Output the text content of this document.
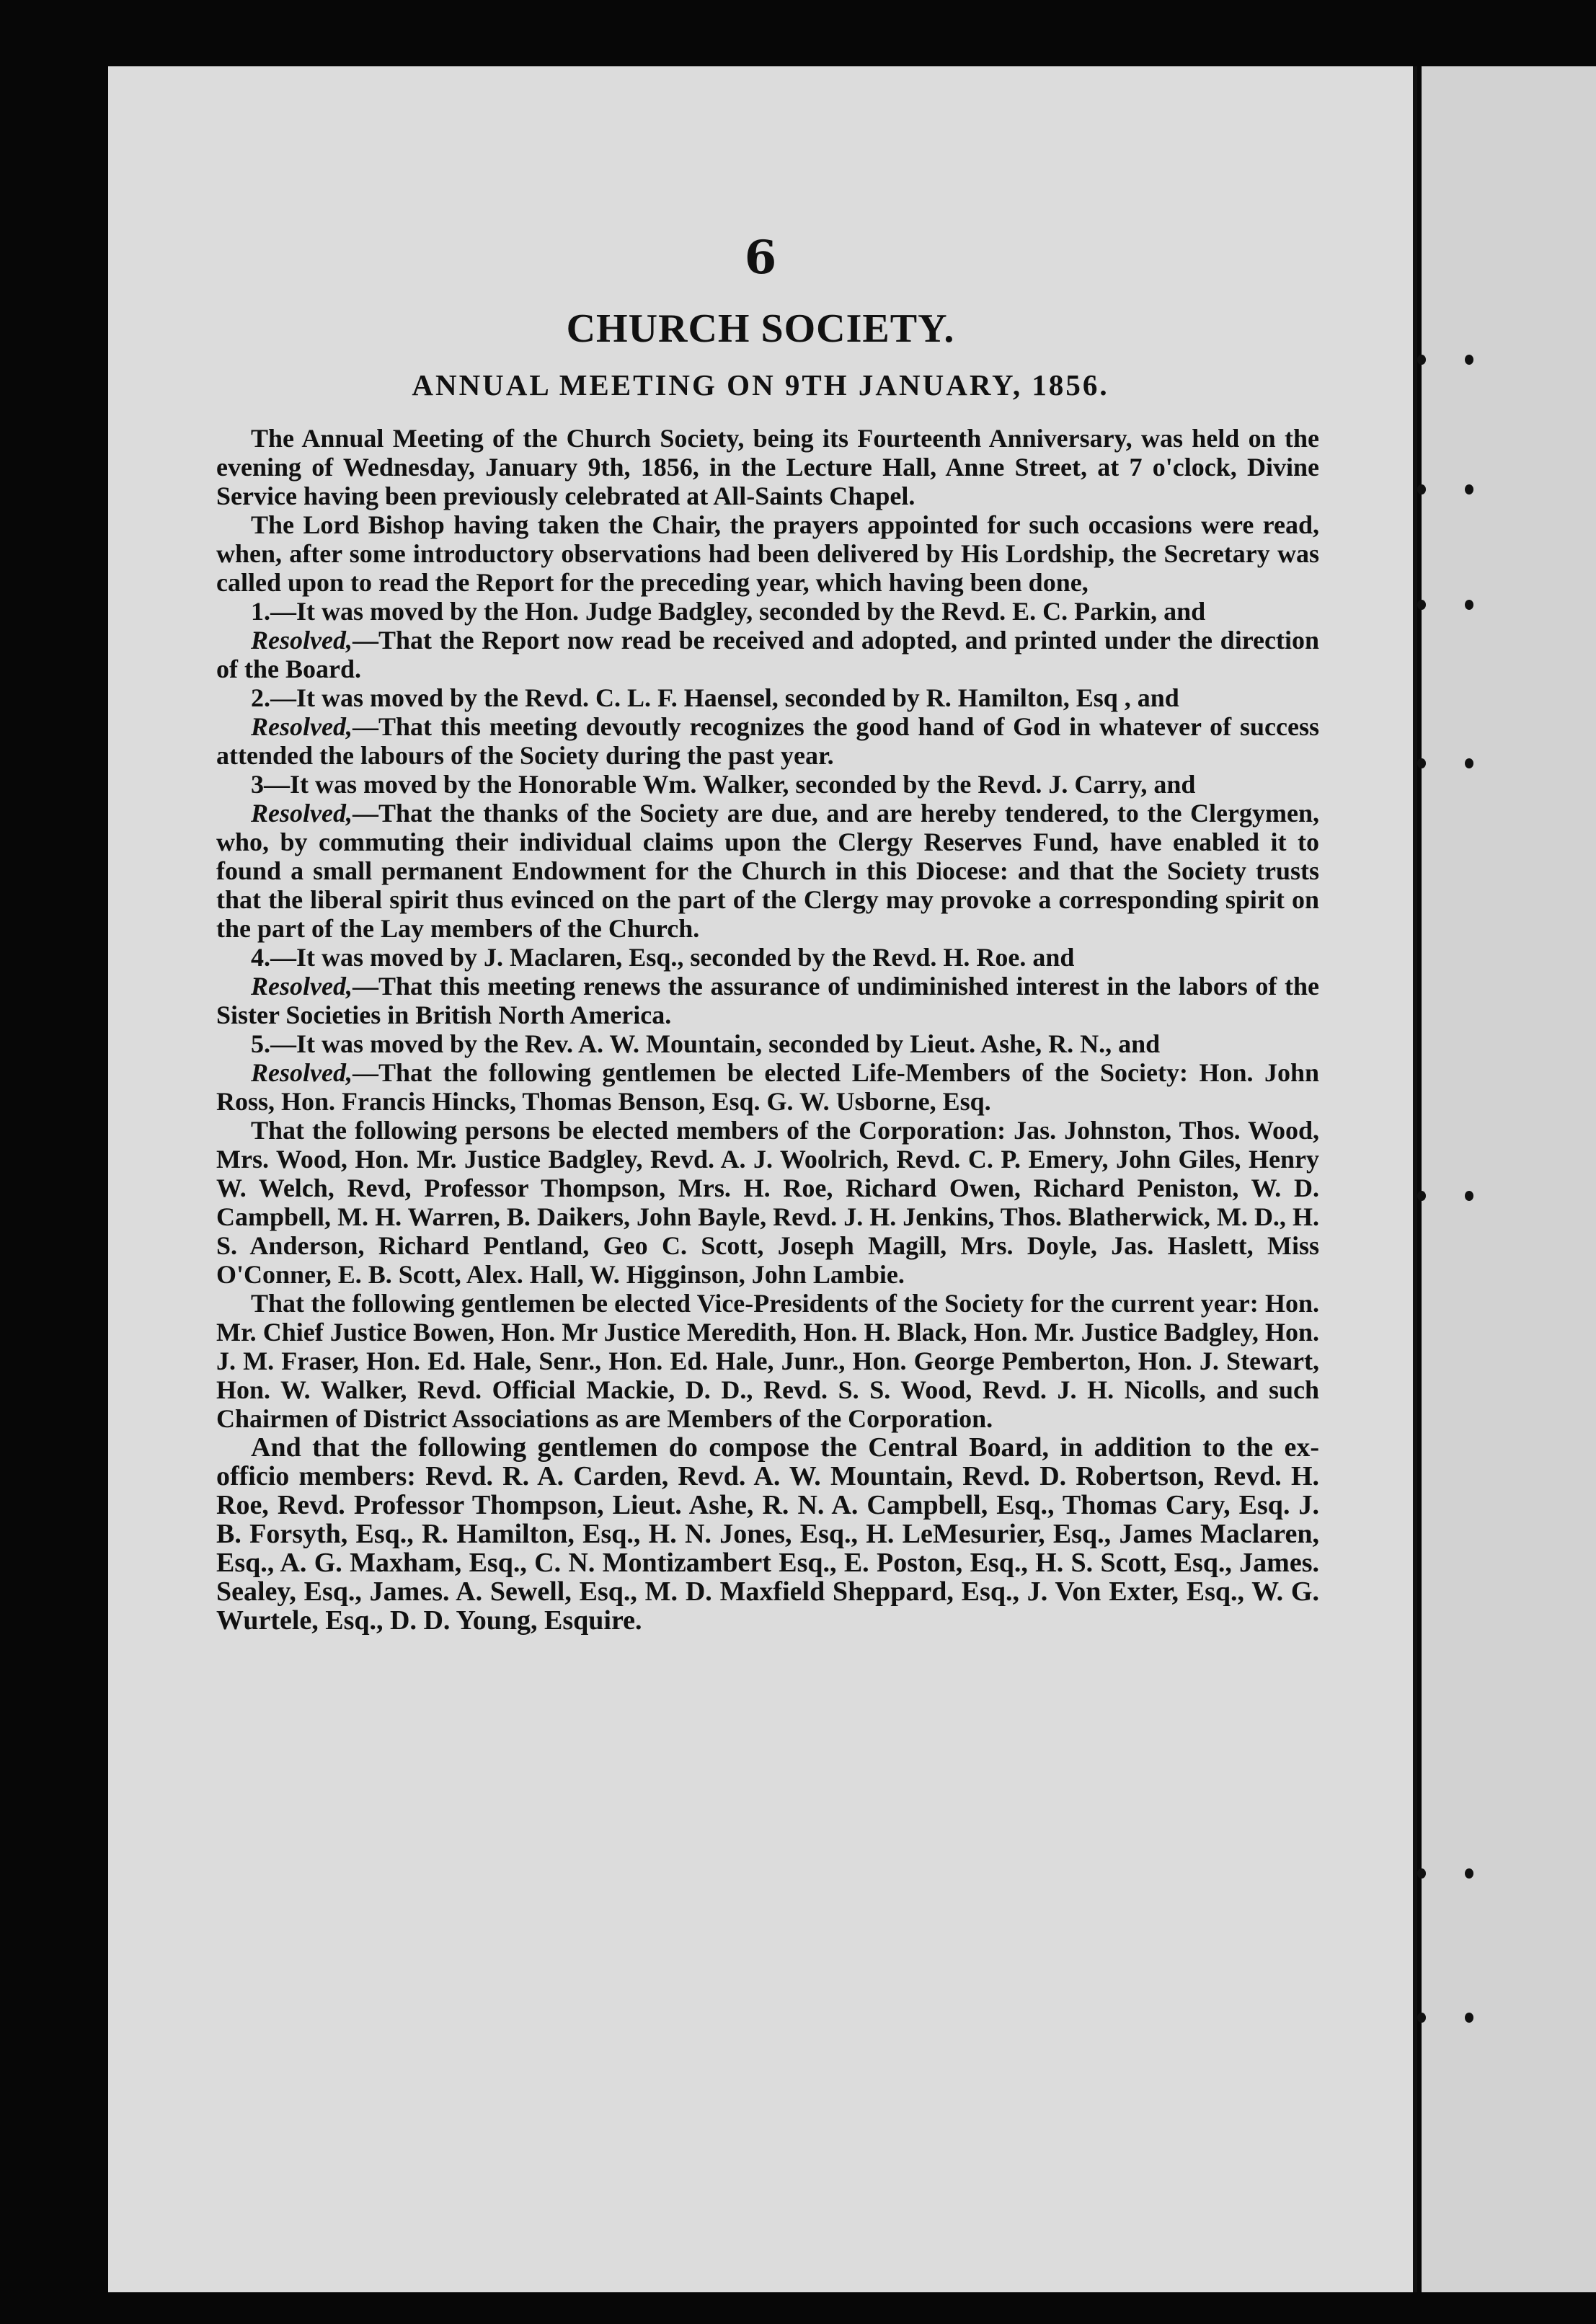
6
CHURCH SOCIETY.
ANNUAL MEETING ON 9TH JANUARY, 1856.

The Annual Meeting of the Church Society, being its Fourteenth Anniversary, was held on the evening of Wednesday, January 9th, 1856, in the Lecture Hall, Anne Street, at 7 o'clock, Divine Service having been previously celebrated at All-Saints Chapel.

The Lord Bishop having taken the Chair, the prayers appointed for such occasions were read, when, after some introductory observations had been delivered by His Lordship, the Secretary was called upon to read the Report for the preceding year, which having been done,

1.—It was moved by the Hon. Judge Badgley, seconded by the Revd. E. C. Parkin, and

Resolved,—That the Report now read be received and adopted, and printed under the direction of the Board.

2.—It was moved by the Revd. C. L. F. Haensel, seconded by R. Hamilton, Esq , and

Resolved,—That this meeting devoutly recognizes the good hand of God in whatever of success attended the labours of the Society during the past year.

3—It was moved by the Honorable Wm. Walker, seconded by the Revd. J. Carry, and

Resolved,—That the thanks of the Society are due, and are hereby tendered, to the Clergymen, who, by commuting their individual claims upon the Clergy Reserves Fund, have enabled it to found a small permanent Endowment for the Church in this Diocese: and that the Society trusts that the liberal spirit thus evinced on the part of the Clergy may provoke a corresponding spirit on the part of the Lay members of the Church.

4.—It was moved by J. Maclaren, Esq., seconded by the Revd. H. Roe. and

Resolved,—That this meeting renews the assurance of undiminished interest in the labors of the Sister Societies in British North America.

5.—It was moved by the Rev. A. W. Mountain, seconded by Lieut. Ashe, R. N., and

Resolved,—That the following gentlemen be elected Life-Members of the Society: Hon. John Ross, Hon. Francis Hincks, Thomas Benson, Esq. G. W. Usborne, Esq.

That the following persons be elected members of the Corporation: Jas. Johnston, Thos. Wood, Mrs. Wood, Hon. Mr. Justice Badgley, Revd. A. J. Woolrich, Revd. C. P. Emery, John Giles, Henry W. Welch, Revd, Professor Thompson, Mrs. H. Roe, Richard Owen, Richard Peniston, W. D. Campbell, M. H. Warren, B. Daikers, John Bayle, Revd. J. H. Jenkins, Thos. Blatherwick, M. D., H. S. Anderson, Richard Pentland, Geo C. Scott, Joseph Magill, Mrs. Doyle, Jas. Haslett, Miss O'Conner, E. B. Scott, Alex. Hall, W. Higginson, John Lambie.

That the following gentlemen be elected Vice-Presidents of the Society for the current year: Hon. Mr. Chief Justice Bowen, Hon. Mr Justice Meredith, Hon. H. Black, Hon. Mr. Justice Badgley, Hon. J. M. Fraser, Hon. Ed. Hale, Senr., Hon. Ed. Hale, Junr., Hon. George Pemberton, Hon. J. Stewart, Hon. W. Walker, Revd. Official Mackie, D. D., Revd. S. S. Wood, Revd. J. H. Nicolls, and such Chairmen of District Associations as are Members of the Corporation.

And that the following gentlemen do compose the Central Board, in addition to the ex-officio members: Revd. R. A. Carden, Revd. A. W. Mountain, Revd. D. Robertson, Revd. H. Roe, Revd. Professor Thompson, Lieut. Ashe, R. N. A. Campbell, Esq., Thomas Cary, Esq. J. B. Forsyth, Esq., R. Hamilton, Esq., H. N. Jones, Esq., H. LeMesurier, Esq., James Maclaren, Esq., A. G. Maxham, Esq., C. N. Montizambert Esq., E. Poston, Esq., H. S. Scott, Esq., James. Sealey, Esq., James. A. Sewell, Esq., M. D. Maxfield Sheppard, Esq., J. Von Exter, Esq., W. G. Wurtele, Esq., D. D. Young, Esquire.
